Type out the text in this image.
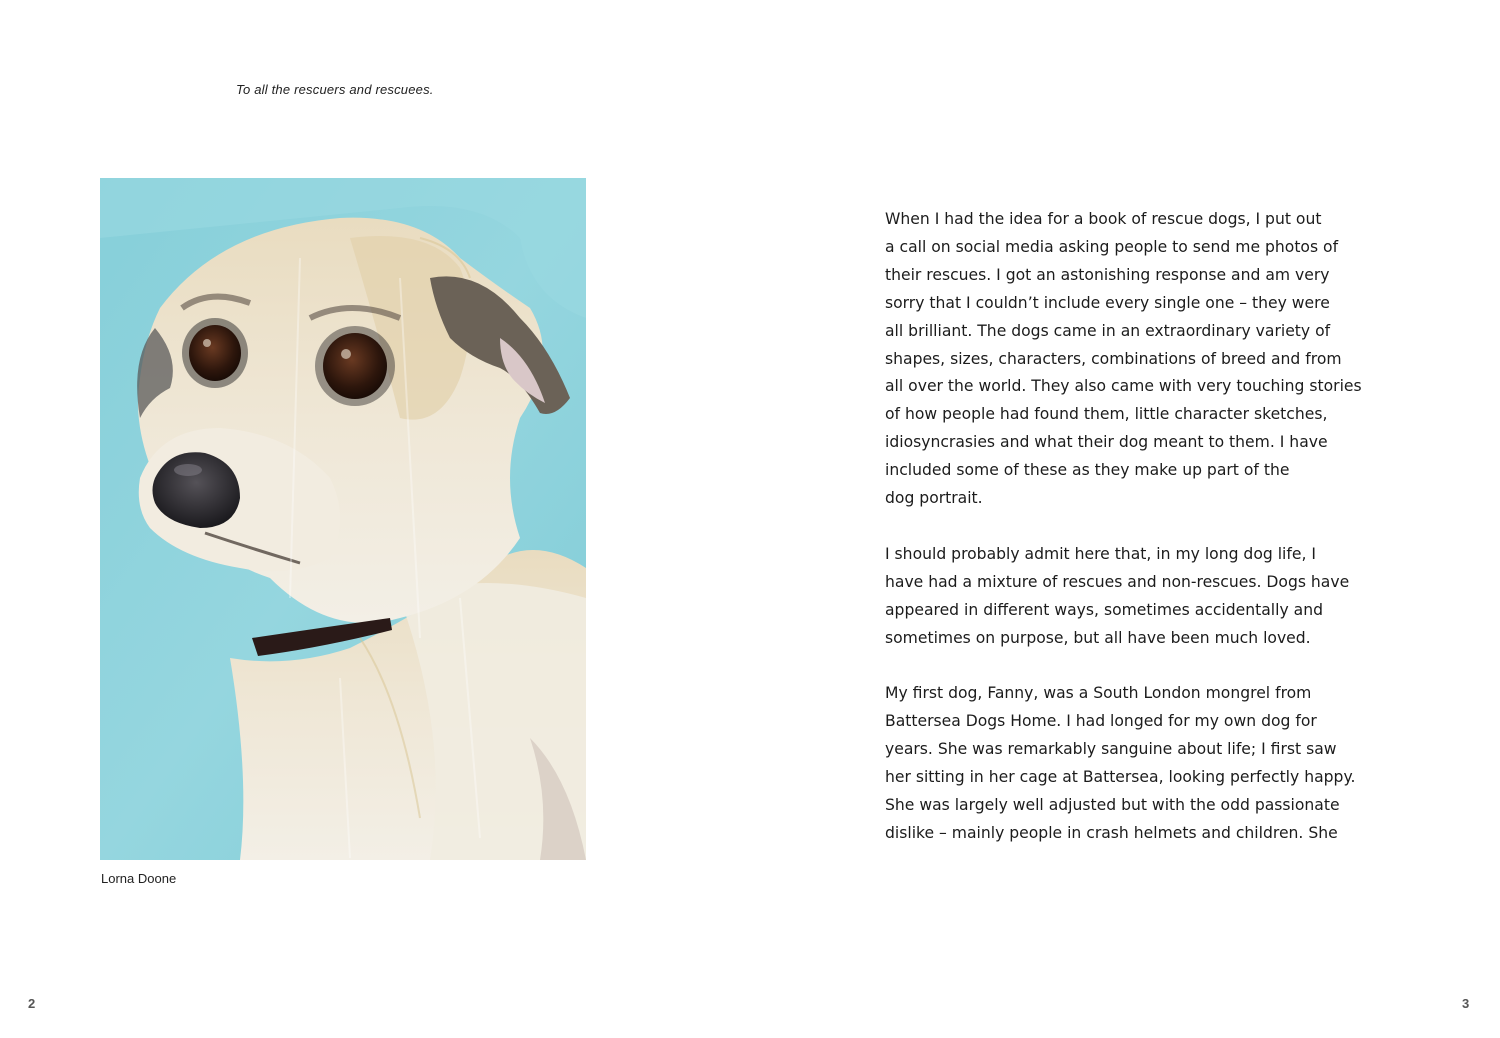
To all the rescuers and rescuees.
Lorna Doone
2

When I had the idea for a book of rescue dogs, I put out
a call on social media asking people to send me photos of
their rescues. I got an astonishing response and am very
sorry that I couldn’t include every single one – they were
all brilliant. The dogs came in an extraordinary variety of
shapes, sizes, characters, combinations of breed and from
all over the world. They also came with very touching stories
of how people had found them, little character sketches,
idiosyncrasies and what their dog meant to them. I have
included some of these as they make up part of the
dog portrait.

I should probably admit here that, in my long dog life, I
have had a mixture of rescues and non-rescues. Dogs have
appeared in different ways, sometimes accidentally and
sometimes on purpose, but all have been much loved.

My first dog, Fanny, was a South London mongrel from
Battersea Dogs Home. I had longed for my own dog for
years. She was remarkably sanguine about life; I first saw
her sitting in her cage at Battersea, looking perfectly happy.
She was largely well adjusted but with the odd passionate
dislike – mainly people in crash helmets and children. She

3
